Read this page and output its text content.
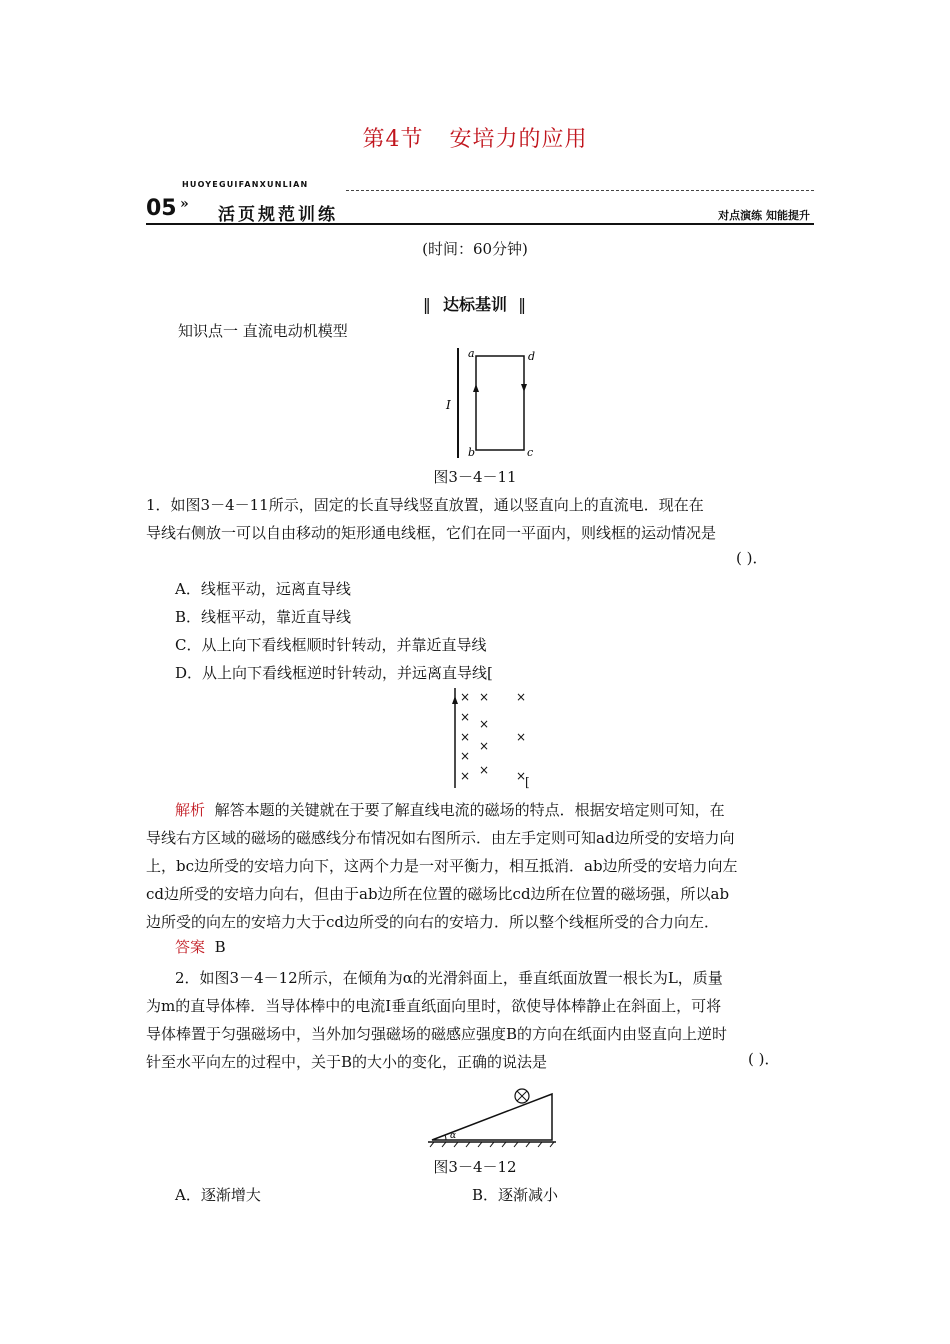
第4节 安培力的应用
HUOYEGUIFANXUNLIAN
05 »
活页规范训练	对点演练 知能提升
(时间：60分钟)
‖ 达标基训 ‖
知识点一 直流电动机模型
I
a	d
b	c
图3－4－11
1．如图3－4－11所示，固定的长直导线竖直放置，通以竖直向上的直流电．现在在
导线右侧放一可以自由移动的矩形通电线框，它们在同一平面内，则线框的运动情况是
( )．
A．线框平动，远离直导线
B．线框平动，靠近直导线
C．从上向下看线框顺时针转动，并靠近直导线
D．从上向下看线框逆时针转动，并远离直导线[
× × ×
× ×
×	×
×
×
×
×	×
[
解析 解答本题的关键就在于要了解直线电流的磁场的特点．根据安培定则可知，在
导线右方区域的磁场的磁感线分布情况如右图所示．由左手定则可知ad边所受的安培力向
上，bc边所受的安培力向下，这两个力是一对平衡力，相互抵消．ab边所受的安培力向左
cd边所受的安培力向右，但由于ab边所在位置的磁场比cd边所在位置的磁场强，所以ab
边所受的向左的安培力大于cd边所受的向右的安培力．所以整个线框所受的合力向左．
答案 B
2．如图3－4－12所示，在倾角为α的光滑斜面上，垂直纸面放置一根长为L，质量
为m的直导体棒．当导体棒中的电流I垂直纸面向里时，欲使导体棒静止在斜面上，可将
导体棒置于匀强磁场中，当外加匀强磁场的磁感应强度B的方向在纸面内由竖直向上逆时
针至水平向左的过程中，关于B的大小的变化，正确的说法是	( )．
α
图3－4－12
A．逐渐增大	B．逐渐减小
